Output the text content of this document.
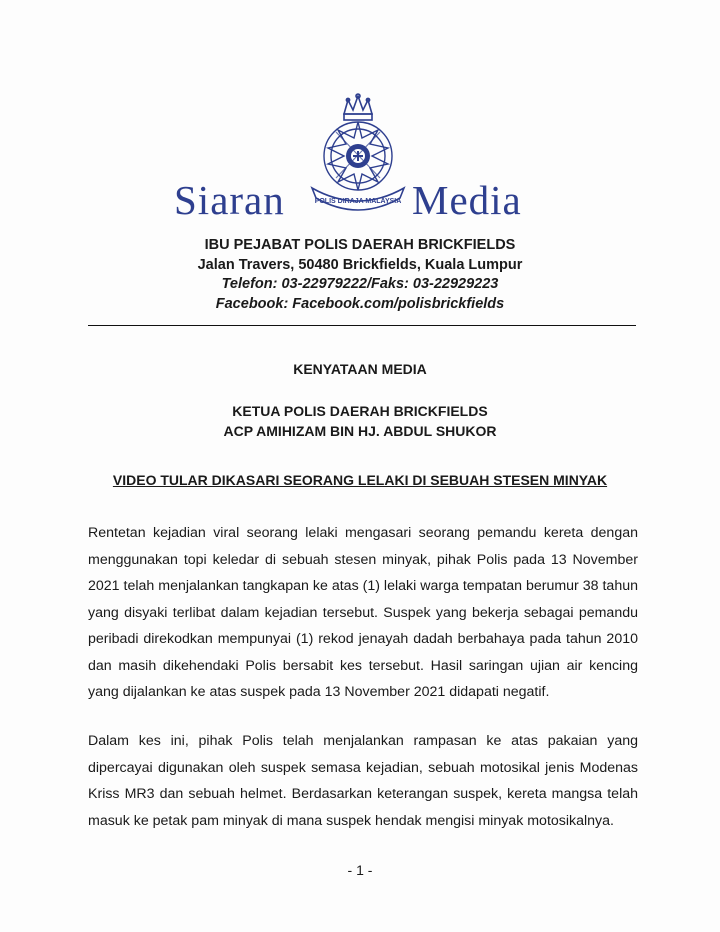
POLIS DIRAJA MALAYSIA
Siaran	Media
IBU PEJABAT POLIS DAERAH BRICKFIELDS
Jalan Travers, 50480 Brickfields, Kuala Lumpur
Telefon: 03-22979222/Faks: 03-22929223
Facebook: Facebook.com/polisbrickfields
KENYATAAN MEDIA
KETUA POLIS DAERAH BRICKFIELDS
ACP AMIHIZAM BIN HJ. ABDUL SHUKOR
VIDEO TULAR DIKASARI SEORANG LELAKI DI SEBUAH STESEN MINYAK
Rentetan kejadian viral seorang lelaki mengasari seorang pemandu kereta dengan menggunakan topi keledar di sebuah stesen minyak, pihak Polis pada 13 November 2021 telah menjalankan tangkapan ke atas (1) lelaki warga tempatan berumur 38 tahun yang disyaki terlibat dalam kejadian tersebut. Suspek yang bekerja sebagai pemandu peribadi direkodkan mempunyai (1) rekod jenayah dadah berbahaya pada tahun 2010 dan masih dikehendaki Polis bersabit kes tersebut. Hasil saringan ujian air kencing yang dijalankan ke atas suspek pada 13 November 2021 didapati negatif.
Dalam kes ini, pihak Polis telah menjalankan rampasan ke atas pakaian yang dipercayai digunakan oleh suspek semasa kejadian, sebuah motosikal jenis Modenas Kriss MR3 dan sebuah helmet. Berdasarkan keterangan suspek, kereta mangsa telah masuk ke petak pam minyak di mana suspek hendak mengisi minyak motosikalnya.
- 1 -
